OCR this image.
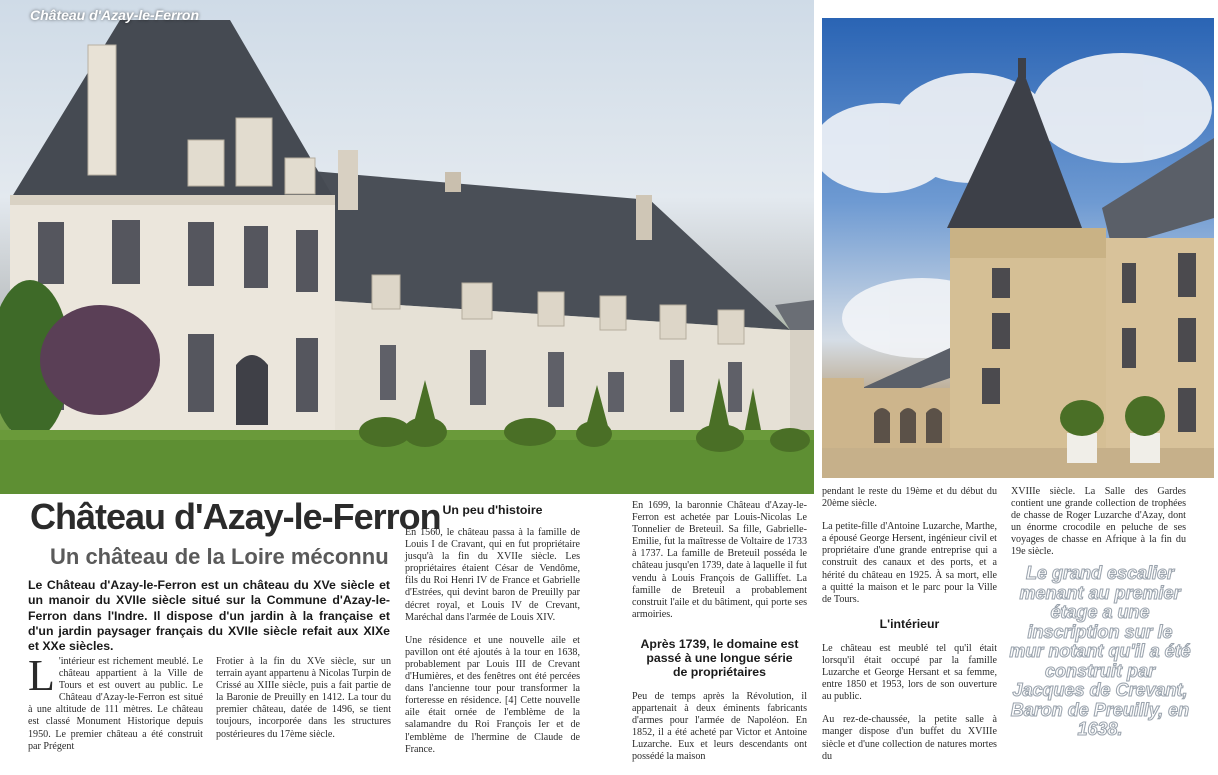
Château d'Azay-le-Ferron
Château d'Azay-le-Ferron
Un château de la Loire méconnu
Le Château d'Azay-le-Ferron est un château du XVe siècle et un manoir du XVIIe siècle situé sur la Commune d'Azay-le-Ferron dans l'Indre. Il dispose d'un jardin à la française et d'un jardin paysager français du XVIIe siècle refait aux XIXe et XXe siècles.
L 'intérieur est richement meublé. Le château appartient à la Ville de Tours et est ouvert au public. Le Château d'Azay-le-Ferron est situé à une altitude de 111 mètres. Le château est classé Monument Historique depuis 1950. Le premier château a été construit par Prégent
Frotier à la fin du XVe siècle, sur un terrain ayant appartenu à Nicolas Turpin de Crissé au XIIIe siècle, puis a fait partie de la Baronie de Preuilly en 1412. La tour du premier château, datée de 1496, se tient toujours, incorporée dans les structures postérieures du 17ème siècle.
Un peu d'histoire

En 1560, le château passa à la famille de Louis I de Cravant, qui en fut propriétaire jusqu'à la fin du XVIIe siècle. Les propriétaires étaient César de Vendôme, fils du Roi Henri IV de France et Gabrielle d'Estrées, qui devint baron de Preuilly par décret royal, et Louis IV de Crevant, Maréchal dans l'armée de Louis XIV.

Une résidence et une nouvelle aile et pavillon ont été ajoutés à la tour en 1638, probablement par Louis III de Crevant d'Humières, et des fenêtres ont été percées dans l'ancienne tour pour transformer la forteresse en résidence. [4] Cette nouvelle aile était ornée de l'emblème de la salamandre du Roi François Ier et de l'emblème de l'hermine de Claude de France.

En 1699, la baronnie Château d'Azay-le-Ferron est achetée par Louis-Nicolas Le Tonnelier de Breteuil. Sa fille, Gabrielle-Emilie, fut la maîtresse de Voltaire de 1733 à 1737. La famille de Breteuil posséda le château jusqu'en 1739, date à laquelle il fut vendu à Louis François de Galliffet. La famille de Breteuil a probablement construit l'aile et du bâtiment, qui porte ses armoiries.

Après 1739, le domaine est passé à une longue série de propriétaires

Peu de temps après la Révolution, il appartenait à deux éminents fabricants d'armes pour l'armée de Napoléon. En 1852, il a été acheté par Victor et Antoine Luzarche. Eux et leurs descendants ont possédé la maison

pendant le reste du 19ème et du début du 20ème siècle.

La petite-fille d'Antoine Luzarche, Marthe, a épousé George Hersent, ingénieur civil et propriétaire d'une grande entreprise qui a construit des canaux et des ports, et a hérité du château en 1925. À sa mort, elle a quitté la maison et le parc pour la Ville de Tours.

L'intérieur

Le château est meublé tel qu'il était lorsqu'il était occupé par la famille Luzarche et George Hersant et sa femme, entre 1850 et 1953, lors de son ouverture au public.

Au rez-de-chaussée, la petite salle à manger dispose d'un buffet du XVIIIe siècle et d'une collection de natures mortes du

XVIIIe siècle. La Salle des Gardes contient une grande collection de trophées de chasse de Roger Luzarche d'Azay, dont un énorme crocodile en peluche de ses voyages de chasse en Afrique à la fin du 19e siècle.

Le grand escalier menant au premier étage a une inscription sur le mur notant qu'il a été construit par Jacques de Crevant, Baron de Preuilly, en 1638.
